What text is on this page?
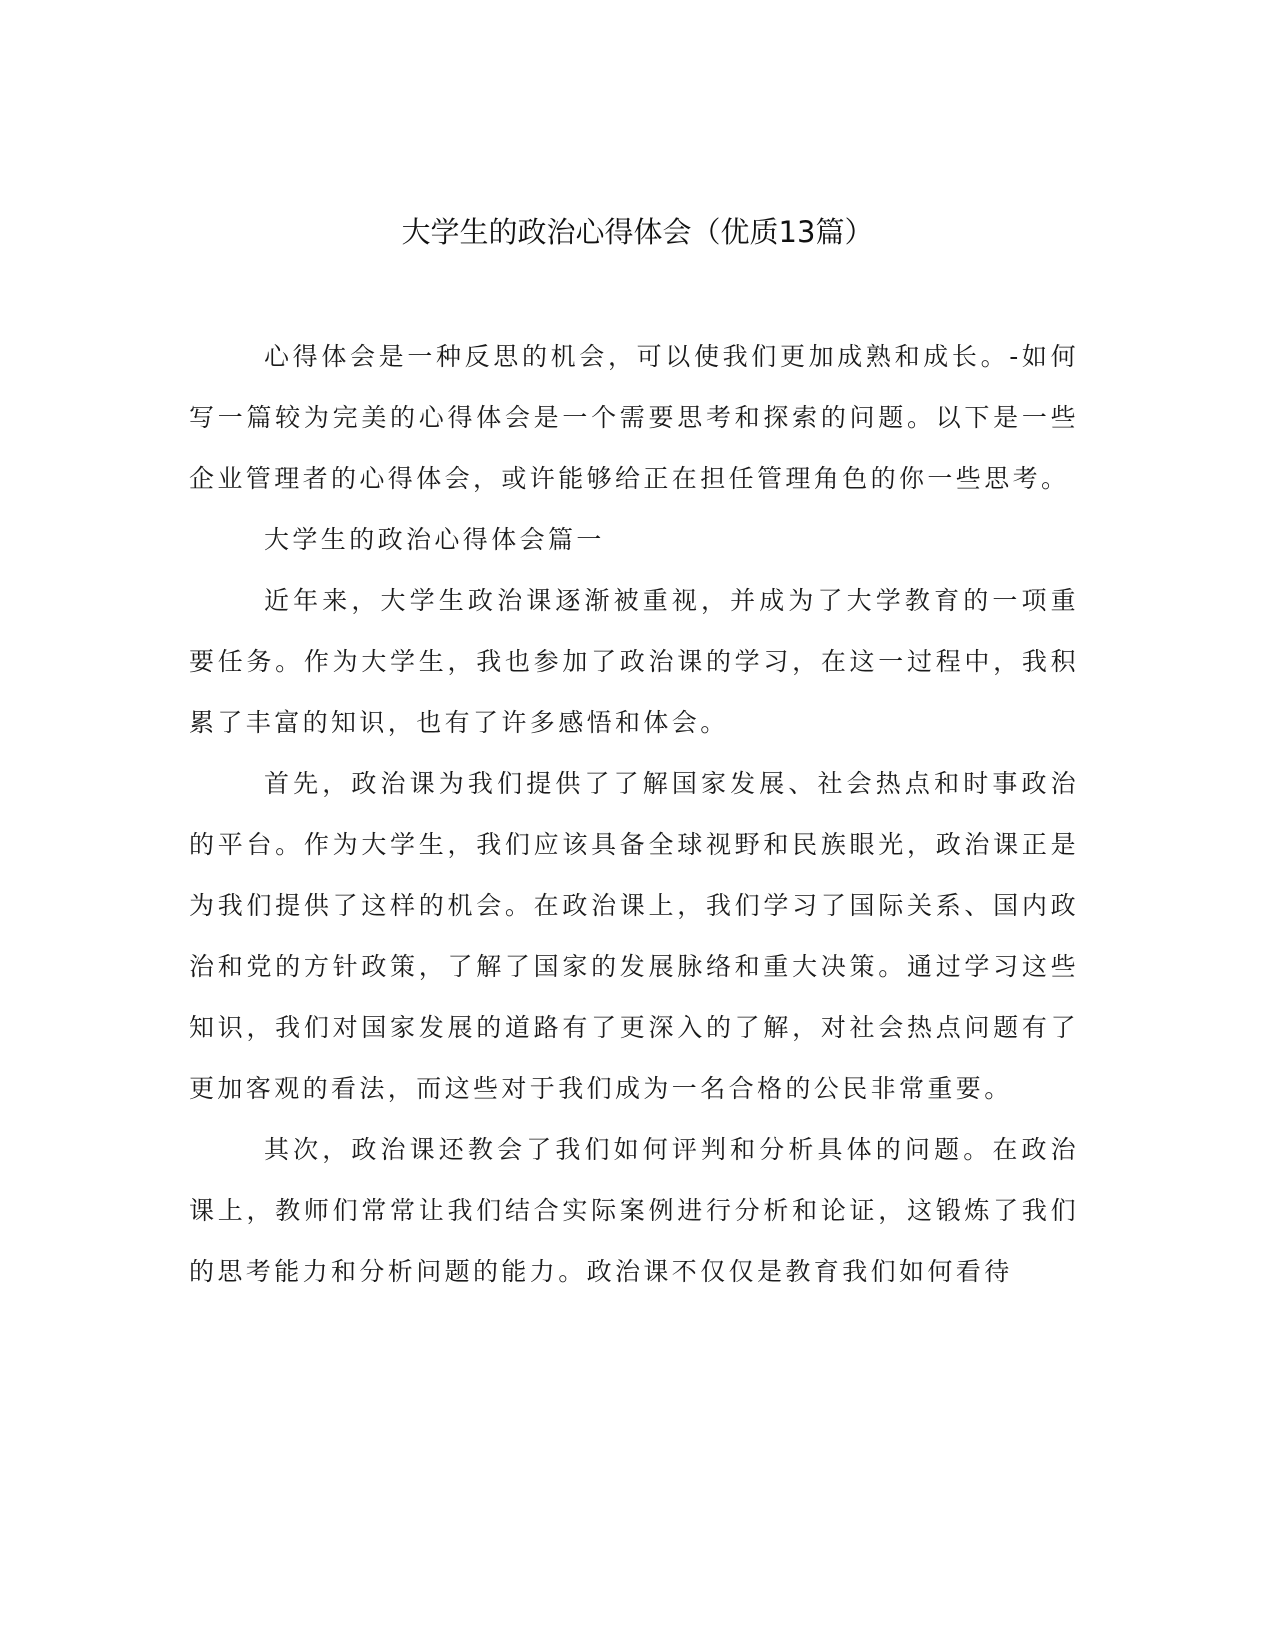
大学生的政治心得体会（优质13篇）

心得体会是一种反思的机会，可以使我们更加成熟和成长。-如何写一篇较为完美的心得体会是一个需要思考和探索的问题。以下是一些企业管理者的心得体会，或许能够给正在担任管理角色的你一些思考。

大学生的政治心得体会篇一

近年来，大学生政治课逐渐被重视，并成为了大学教育的一项重要任务。作为大学生，我也参加了政治课的学习，在这一过程中，我积累了丰富的知识，也有了许多感悟和体会。

首先，政治课为我们提供了了解国家发展、社会热点和时事政治的平台。作为大学生，我们应该具备全球视野和民族眼光，政治课正是为我们提供了这样的机会。在政治课上，我们学习了国际关系、国内政治和党的方针政策，了解了国家的发展脉络和重大决策。通过学习这些知识，我们对国家发展的道路有了更深入的了解，对社会热点问题有了更加客观的看法，而这些对于我们成为一名合格的公民非常重要。

其次，政治课还教会了我们如何评判和分析具体的问题。在政治课上，教师们常常让我们结合实际案例进行分析和论证，这锻炼了我们的思考能力和分析问题的能力。政治课不仅仅是教育我们如何看待
